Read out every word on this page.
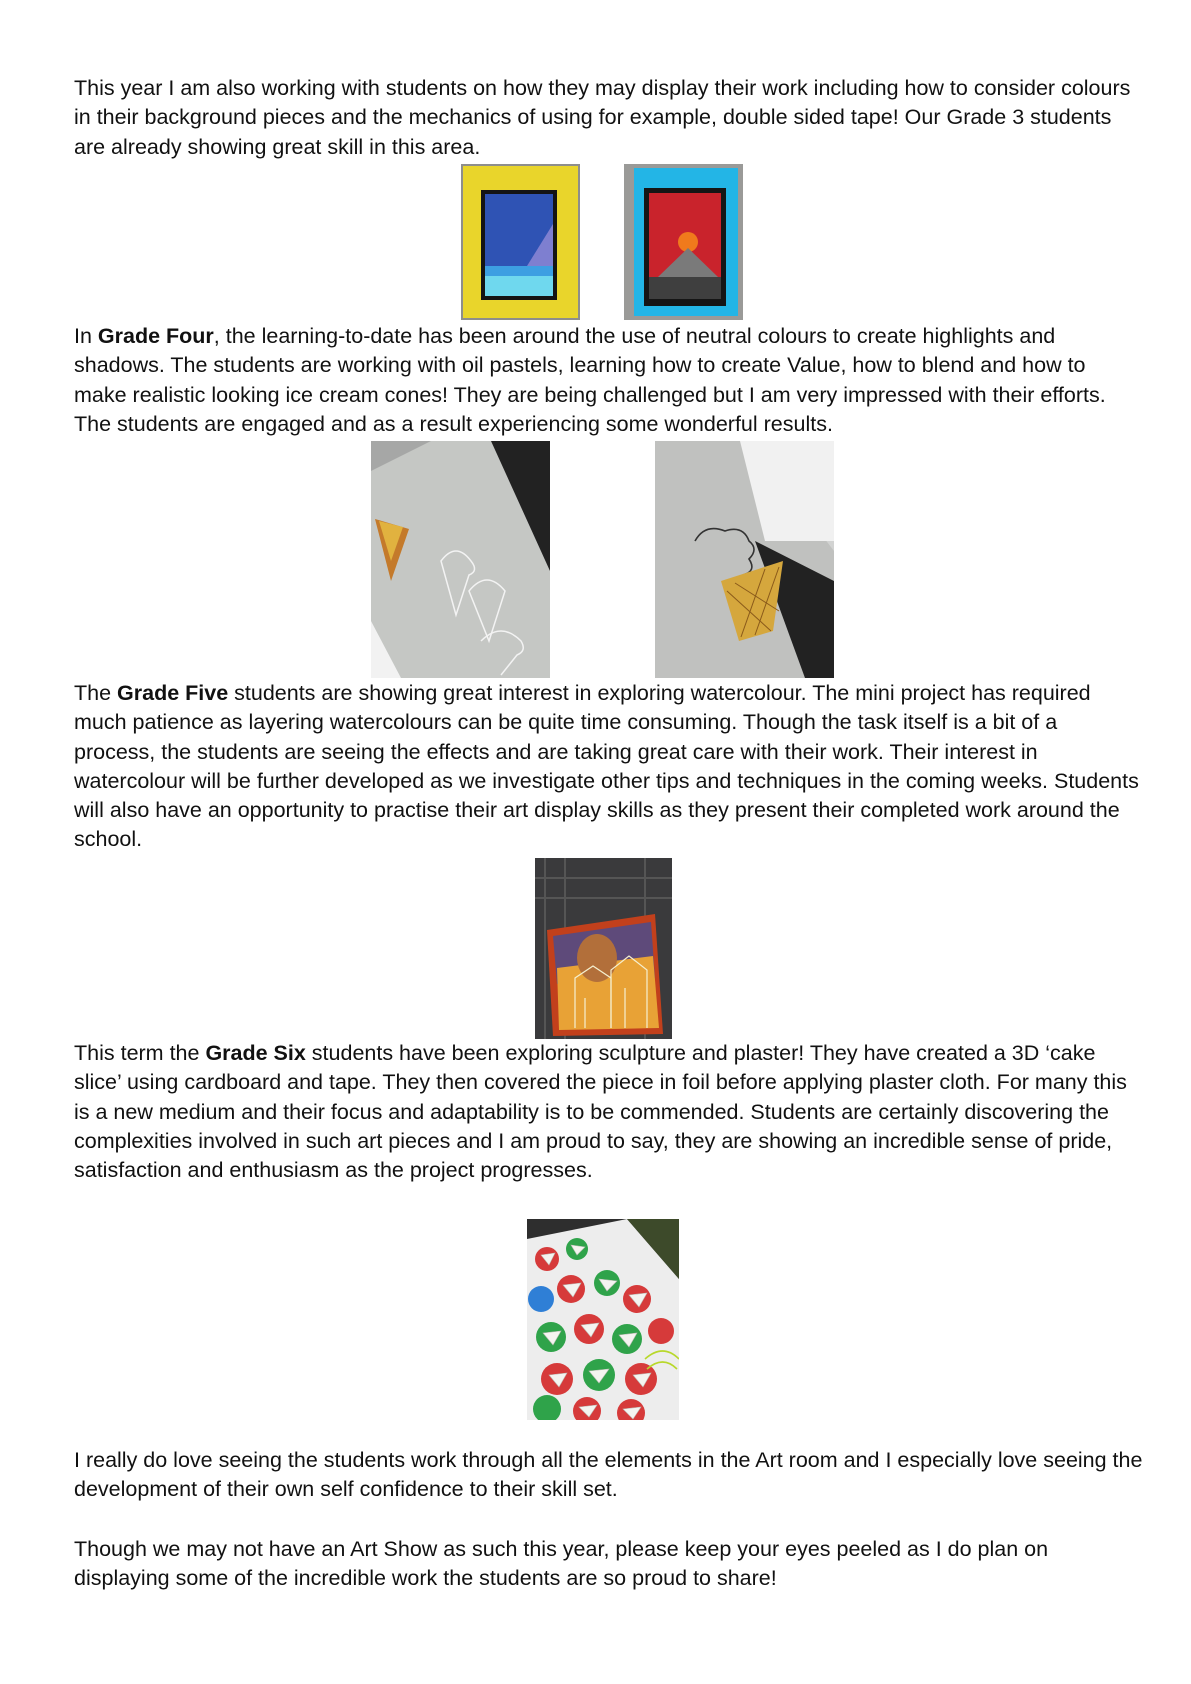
This year I am also working with students on how they may display their work including how to consider colours in their background pieces and the mechanics of using for example, double sided tape! Our Grade 3 students are already showing great skill in this area.

In Grade Four, the learning-to-date has been around the use of neutral colours to create highlights and shadows. The students are working with oil pastels, learning how to create Value, how to blend and how to make realistic looking ice cream cones! They are being challenged but I am very impressed with their efforts. The students are engaged and as a result experiencing some wonderful results.

The Grade Five students are showing great interest in exploring watercolour. The mini project has required much patience as layering watercolours can be quite time consuming. Though the task itself is a bit of a process, the students are seeing the effects and are taking great care with their work. Their interest in watercolour will be further developed as we investigate other tips and techniques in the coming weeks. Students will also have an opportunity to practise their art display skills as they present their completed work around the school.

This term the Grade Six students have been exploring sculpture and plaster! They have created a 3D ‘cake slice’ using cardboard and tape. They then covered the piece in foil before applying plaster cloth. For many this is a new medium and their focus and adaptability is to be commended. Students are certainly discovering the complexities involved in such art pieces and I am proud to say, they are showing an incredible sense of pride, satisfaction and enthusiasm as the project progresses.

I really do love seeing the students work through all the elements in the Art room and I especially love seeing the development of their own self confidence to their skill set.

Though we may not have an Art Show as such this year, please keep your eyes peeled as I do plan on displaying some of the incredible work the students are so proud to share!
